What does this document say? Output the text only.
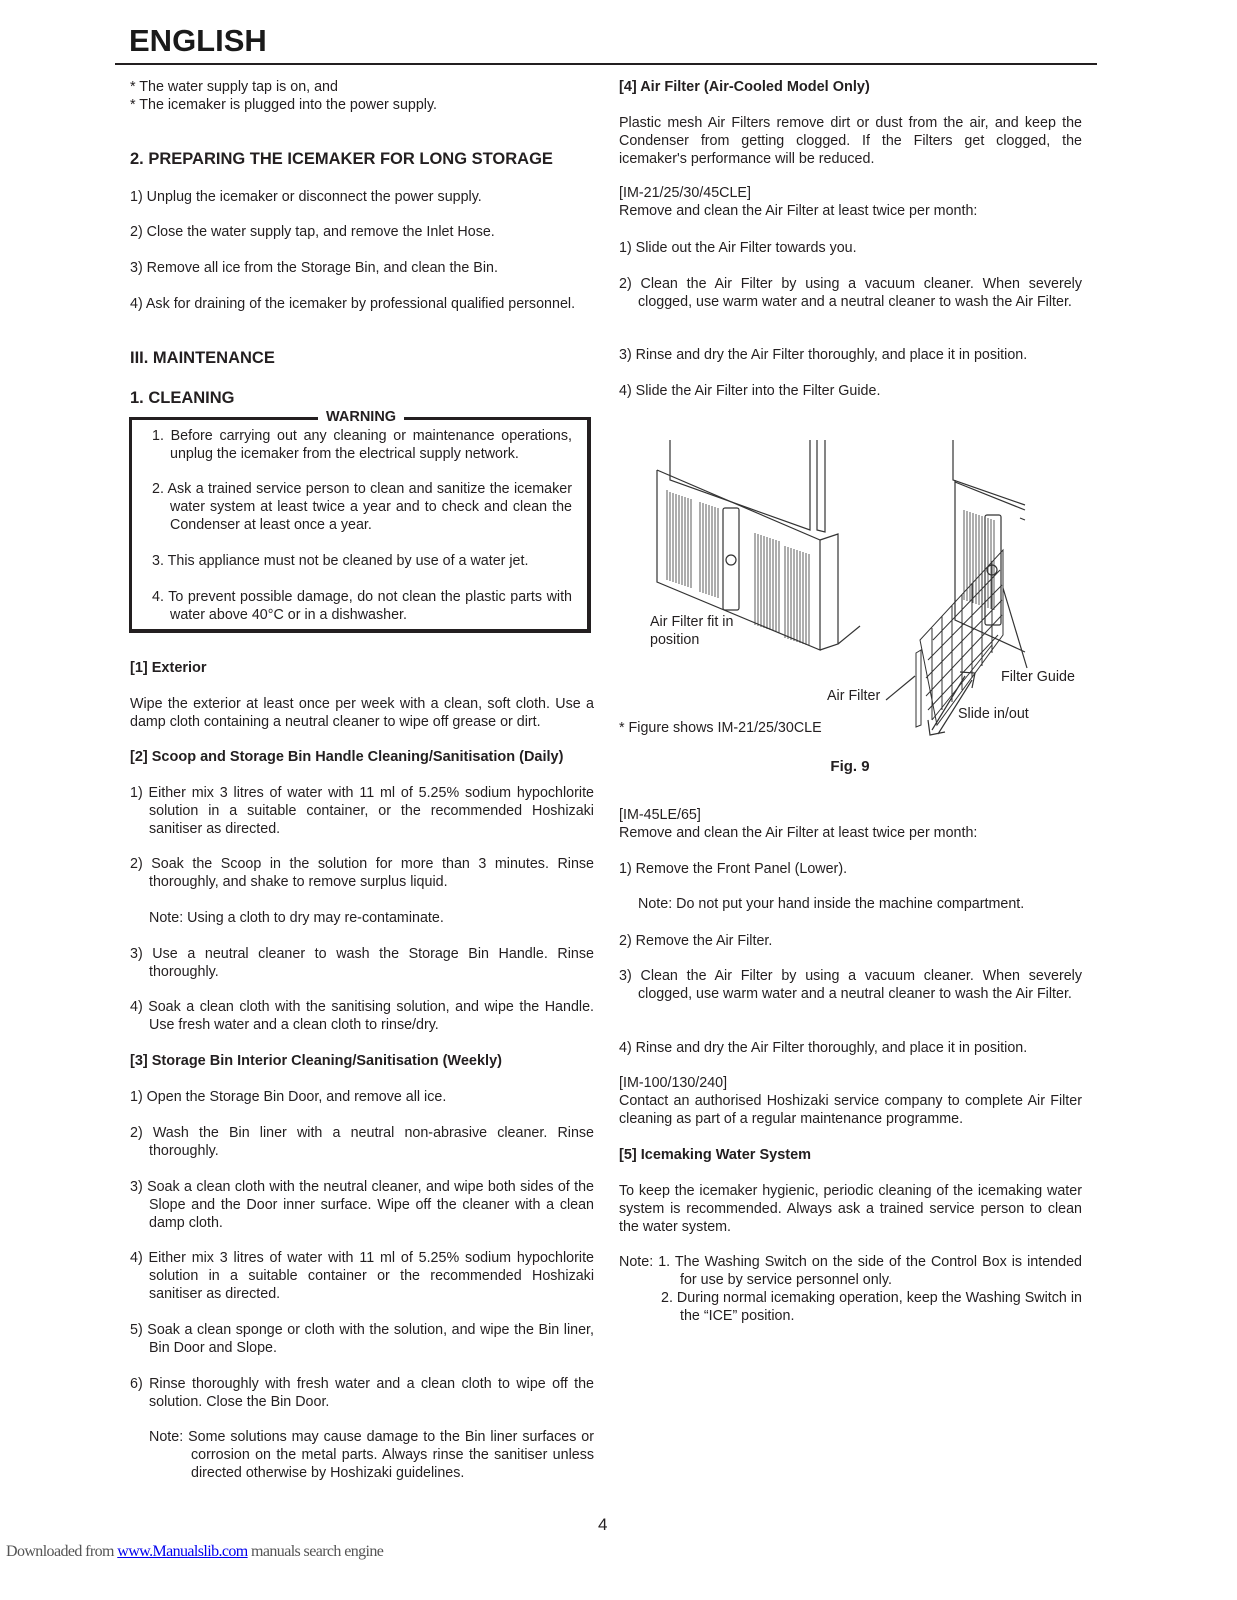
ENGLISH
* The water supply tap is on, and
* The icemaker is plugged into the power supply.
2. PREPARING THE ICEMAKER FOR LONG STORAGE
1) Unplug the icemaker or disconnect the power supply.
2) Close the water supply tap, and remove the Inlet Hose.
3) Remove all ice from the Storage Bin, and clean the Bin.
4) Ask for draining of the icemaker by professional qualified personnel.
III. MAINTENANCE
1. CLEANING
WARNING
1. Before carrying out any cleaning or maintenance operations, unplug the icemaker from the electrical supply network.
2. Ask a trained service person to clean and sanitize the icemaker water system at least twice a year and to check and clean the Condenser at least once a year.
3. This appliance must not be cleaned by use of a water jet.
4. To prevent possible damage, do not clean the plastic parts with water above 40°C or in a dishwasher.
[1] Exterior
Wipe the exterior at least once per week with a clean, soft cloth. Use a damp cloth containing a neutral cleaner to wipe off grease or dirt.
[2] Scoop and Storage Bin Handle Cleaning/Sanitisation (Daily)
1) Either mix 3 litres of water with 11 ml of 5.25% sodium hypochlorite solution in a suitable container, or the recommended Hoshizaki sanitiser as directed.
2) Soak the Scoop in the solution for more than 3 minutes. Rinse thoroughly, and shake to remove surplus liquid.
Note: Using a cloth to dry may re-contaminate.
3) Use a neutral cleaner to wash the Storage Bin Handle. Rinse thoroughly.
4) Soak a clean cloth with the sanitising solution, and wipe the Handle. Use fresh water and a clean cloth to rinse/dry.
[3] Storage Bin Interior Cleaning/Sanitisation (Weekly)
1) Open the Storage Bin Door, and remove all ice.
2) Wash the Bin liner with a neutral non-abrasive cleaner. Rinse thoroughly.
3) Soak a clean cloth with the neutral cleaner, and wipe both sides of the Slope and the Door inner surface. Wipe off the cleaner with a clean damp cloth.
4) Either mix 3 litres of water with 11 ml of 5.25% sodium hypochlorite solution in a suitable container or the recommended Hoshizaki sanitiser as directed.
5) Soak a clean sponge or cloth with the solution, and wipe the Bin liner, Bin Door and Slope.
6) Rinse thoroughly with fresh water and a clean cloth to wipe off the solution. Close the Bin Door.
Note: Some solutions may cause damage to the Bin liner surfaces or corrosion on the metal parts. Always rinse the sanitiser unless directed otherwise by Hoshizaki guidelines.
[4] Air Filter (Air-Cooled Model Only)
Plastic mesh Air Filters remove dirt or dust from the air, and keep the Condenser from getting clogged. If the Filters get clogged, the icemaker's performance will be reduced.
[IM-21/25/30/45CLE]
Remove and clean the Air Filter at least twice per month:
1) Slide out the Air Filter towards you.
2) Clean the Air Filter by using a vacuum cleaner. When severely clogged, use warm water and a neutral cleaner to wash the Air Filter.
3) Rinse and dry the Air Filter thoroughly, and place it in position.
4) Slide the Air Filter into the Filter Guide.
Air Filter fit in position
Air Filter
Filter Guide
Slide in/out
* Figure shows IM-21/25/30CLE
Fig. 9
[IM-45LE/65]
Remove and clean the Air Filter at least twice per month:
1) Remove the Front Panel (Lower).
Note: Do not put your hand inside the machine compartment.
2) Remove the Air Filter.
3) Clean the Air Filter by using a vacuum cleaner. When severely clogged, use warm water and a neutral cleaner to wash the Air Filter.
4) Rinse and dry the Air Filter thoroughly, and place it in position.
[IM-100/130/240]
Contact an authorised Hoshizaki service company to complete Air Filter cleaning as part of a regular maintenance programme.
[5] Icemaking Water System
To keep the icemaker hygienic, periodic cleaning of the icemaking water system is recommended. Always ask a trained service person to clean the water system.
Note: 1. The Washing Switch on the side of the Control Box is intended for use by service personnel only.
2. During normal icemaking operation, keep the Washing Switch in the “ICE” position.
4
Downloaded from www.Manualslib.com manuals search engine
